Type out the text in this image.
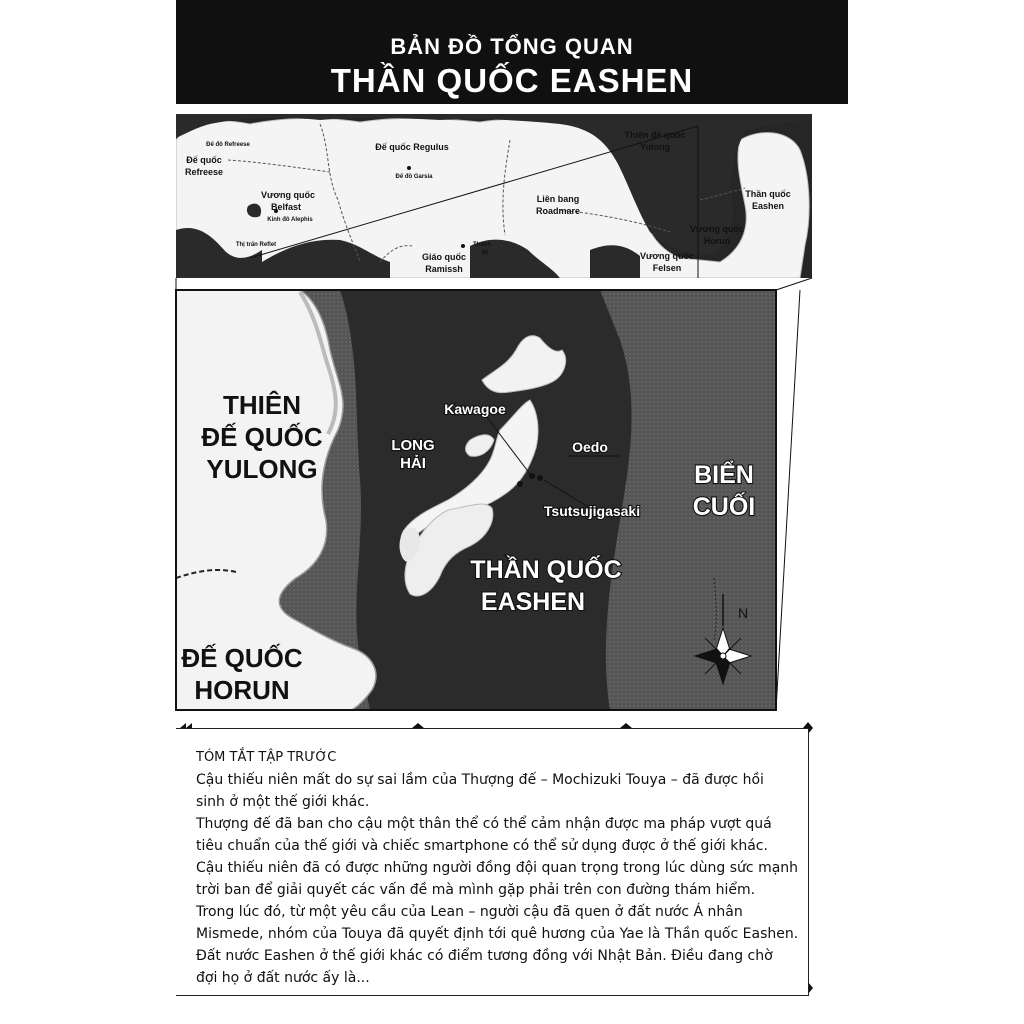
BẢN ĐỒ TỔNG QUAN
THẦN QUỐC EASHEN
Đế đô Refreese
Đế quốc
Refreese
Đế quốc Regulus
Đế đô Garsia
Vương quốc
Belfast
Kinh đô Alephis
Thị trấn Reflet
Liên bang
Roadmare
Thiên đế quốc
Yulong
Thần quốc
Eashen
Vương quốc
Horun
Vương quốc
Felsen
Giáo quốc
Ramissh
Thánh
đô
N
THIÊN
ĐẾ QUỐC
YULONG
ĐẾ QUỐC
HORUN
LONG
HẢI
Kawagoe
Oedo
Tsutsujigasaki
THẦN QUỐC
EASHEN
BIỂN
CUỐI
TÓM TẮT TẬP TRƯỚC
Cậu thiếu niên mất do sự sai lầm của Thượng đế – Mochizuki Touya – đã được hồi
sinh ở một thế giới khác.
Thượng đế đã ban cho cậu một thân thể có thể cảm nhận được ma pháp vượt quá
tiêu chuẩn của thế giới và chiếc smartphone có thể sử dụng được ở thế giới khác.
Cậu thiếu niên đã có được những người đồng đội quan trọng trong lúc dùng sức mạnh
trời ban để giải quyết các vấn đề mà mình gặp phải trên con đường thám hiểm.
Trong lúc đó, từ một yêu cầu của Lean – người cậu đã quen ở đất nước Á nhân
Mismede, nhóm của Touya đã quyết định tới quê hương của Yae là Thần quốc Eashen.
Đất nước Eashen ở thế giới khác có điểm tương đồng với Nhật Bản. Điều đang chờ
đợi họ ở đất nước ấy là...
